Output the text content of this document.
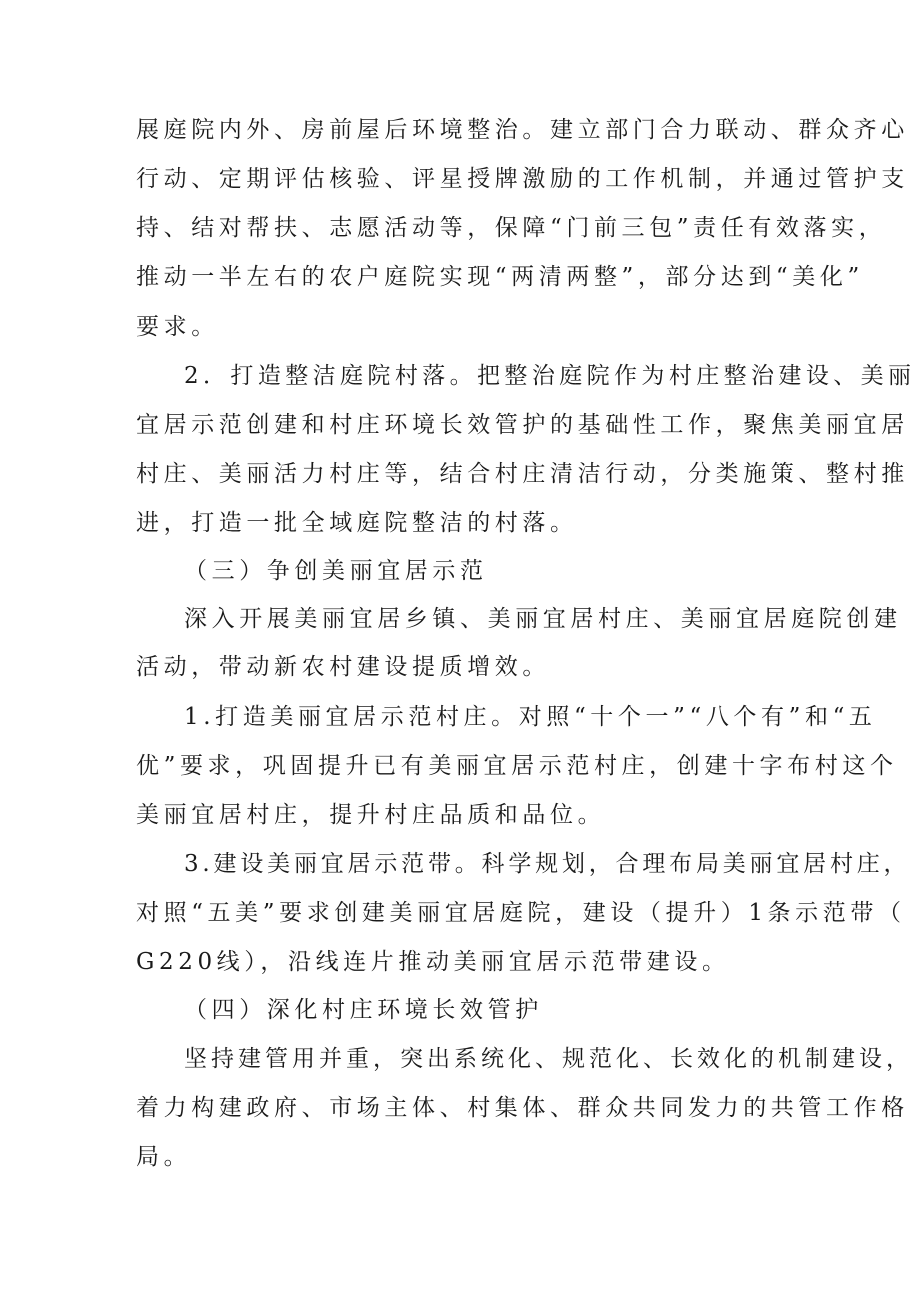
展庭院内外、房前屋后环境整治。建立部门合力联动、群众齐心
行动、定期评估核验、评星授牌激励的工作机制，并通过管护支
持、结对帮扶、志愿活动等，保障“门前三包”责任有效落实，
推动一半左右的农户庭院实现“两清两整”，部分达到“美化”
要求。
2．打造整洁庭院村落。把整治庭院作为村庄整治建设、美丽
宜居示范创建和村庄环境长效管护的基础性工作，聚焦美丽宜居
村庄、美丽活力村庄等，结合村庄清洁行动，分类施策、整村推
进，打造一批全域庭院整洁的村落。
（三）争创美丽宜居示范
深入开展美丽宜居乡镇、美丽宜居村庄、美丽宜居庭院创建
活动，带动新农村建设提质增效。
1.打造美丽宜居示范村庄。对照“十个一”“八个有”和“五
优”要求，巩固提升已有美丽宜居示范村庄，创建十字布村这个
美丽宜居村庄，提升村庄品质和品位。
3.建设美丽宜居示范带。科学规划，合理布局美丽宜居村庄，
对照“五美”要求创建美丽宜居庭院，建设（提升）1条示范带（
G220线），沿线连片推动美丽宜居示范带建设。
（四）深化村庄环境长效管护
坚持建管用并重，突出系统化、规范化、长效化的机制建设，
着力构建政府、市场主体、村集体、群众共同发力的共管工作格
局。
